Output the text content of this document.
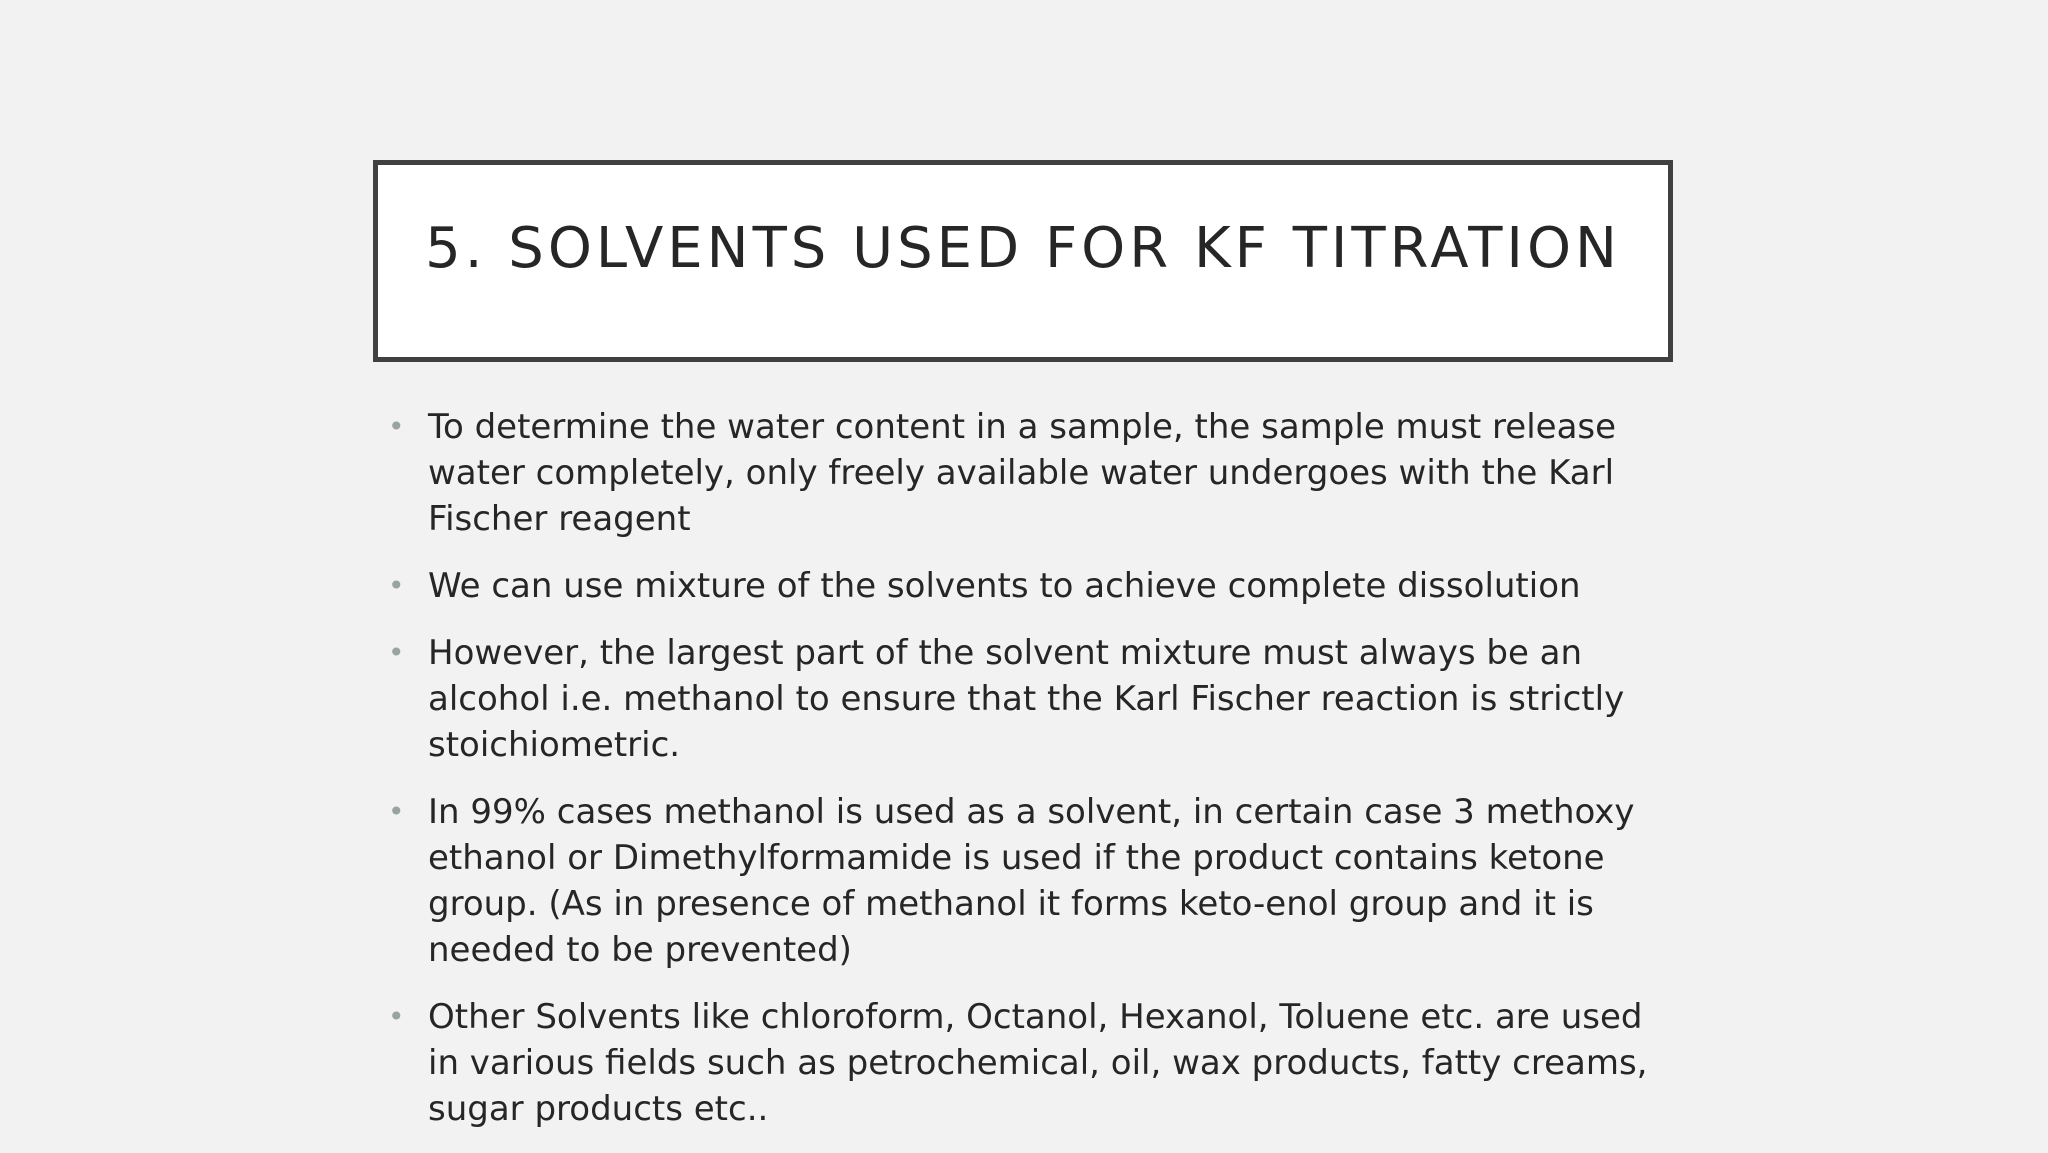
5. SOLVENTS USED FOR KF TITRATION
• To determine the water content in a sample, the sample must release water completely, only freely available water undergoes with the Karl Fischer reagent
• We can use mixture of the solvents to achieve complete dissolution
• However, the largest part of the solvent mixture must always be an alcohol i.e. methanol to ensure that the Karl Fischer reaction is strictly stoichiometric.
• In 99% cases methanol is used as a solvent, in certain case 3 methoxy ethanol or Dimethylformamide is used if the product contains ketone group. (As in presence of methanol it forms keto-enol group and it is needed to be prevented)
• Other Solvents like chloroform, Octanol, Hexanol, Toluene etc. are used in various fields such as petrochemical, oil, wax products, fatty creams, sugar products etc..
